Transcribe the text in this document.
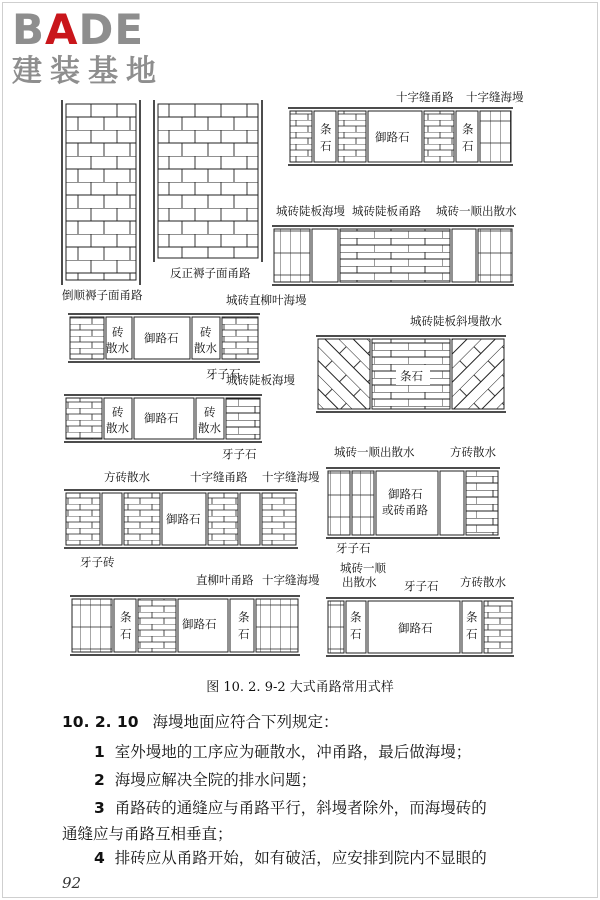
BADE
建装基地
倒顺褥子面甬路
反正褥子面甬路
十字缝甬路 十字缝海墁
条
石
御路石
条
石
城砖陡板海墁 城砖陡板甬路 城砖一顺出散水
城砖直柳叶海墁
砖
散水
御路石 砖
散水
牙子石
城砖陡板斜墁散水
条石
城砖陡板海墁
砖
散水
御路石 砖
散水
牙子石
方砖散水	十字缝甬路 十字缝海墁
御路石
牙子砖
城砖一顺出散水	方砖散水
御路石
或砖甬路
牙子石
直柳叶甬路 十字缝海墁
条
石
御路石 条
石
城砖一顺
出散水 牙子石 方砖散水
条
石	御路石
条
石
图 10. 2. 9-2 大式甬路常用式样
10. 2. 10 海墁地面应符合下列规定：
1 室外墁地的工序应为砸散水，冲甬路，最后做海墁；
2 海墁应解决全院的排水问题；
3 甬路砖的通缝应与甬路平行，斜墁者除外，而海墁砖的
通缝应与甬路互相垂直；
4 排砖应从甬路开始，如有破活，应安排到院内不显眼的
92
